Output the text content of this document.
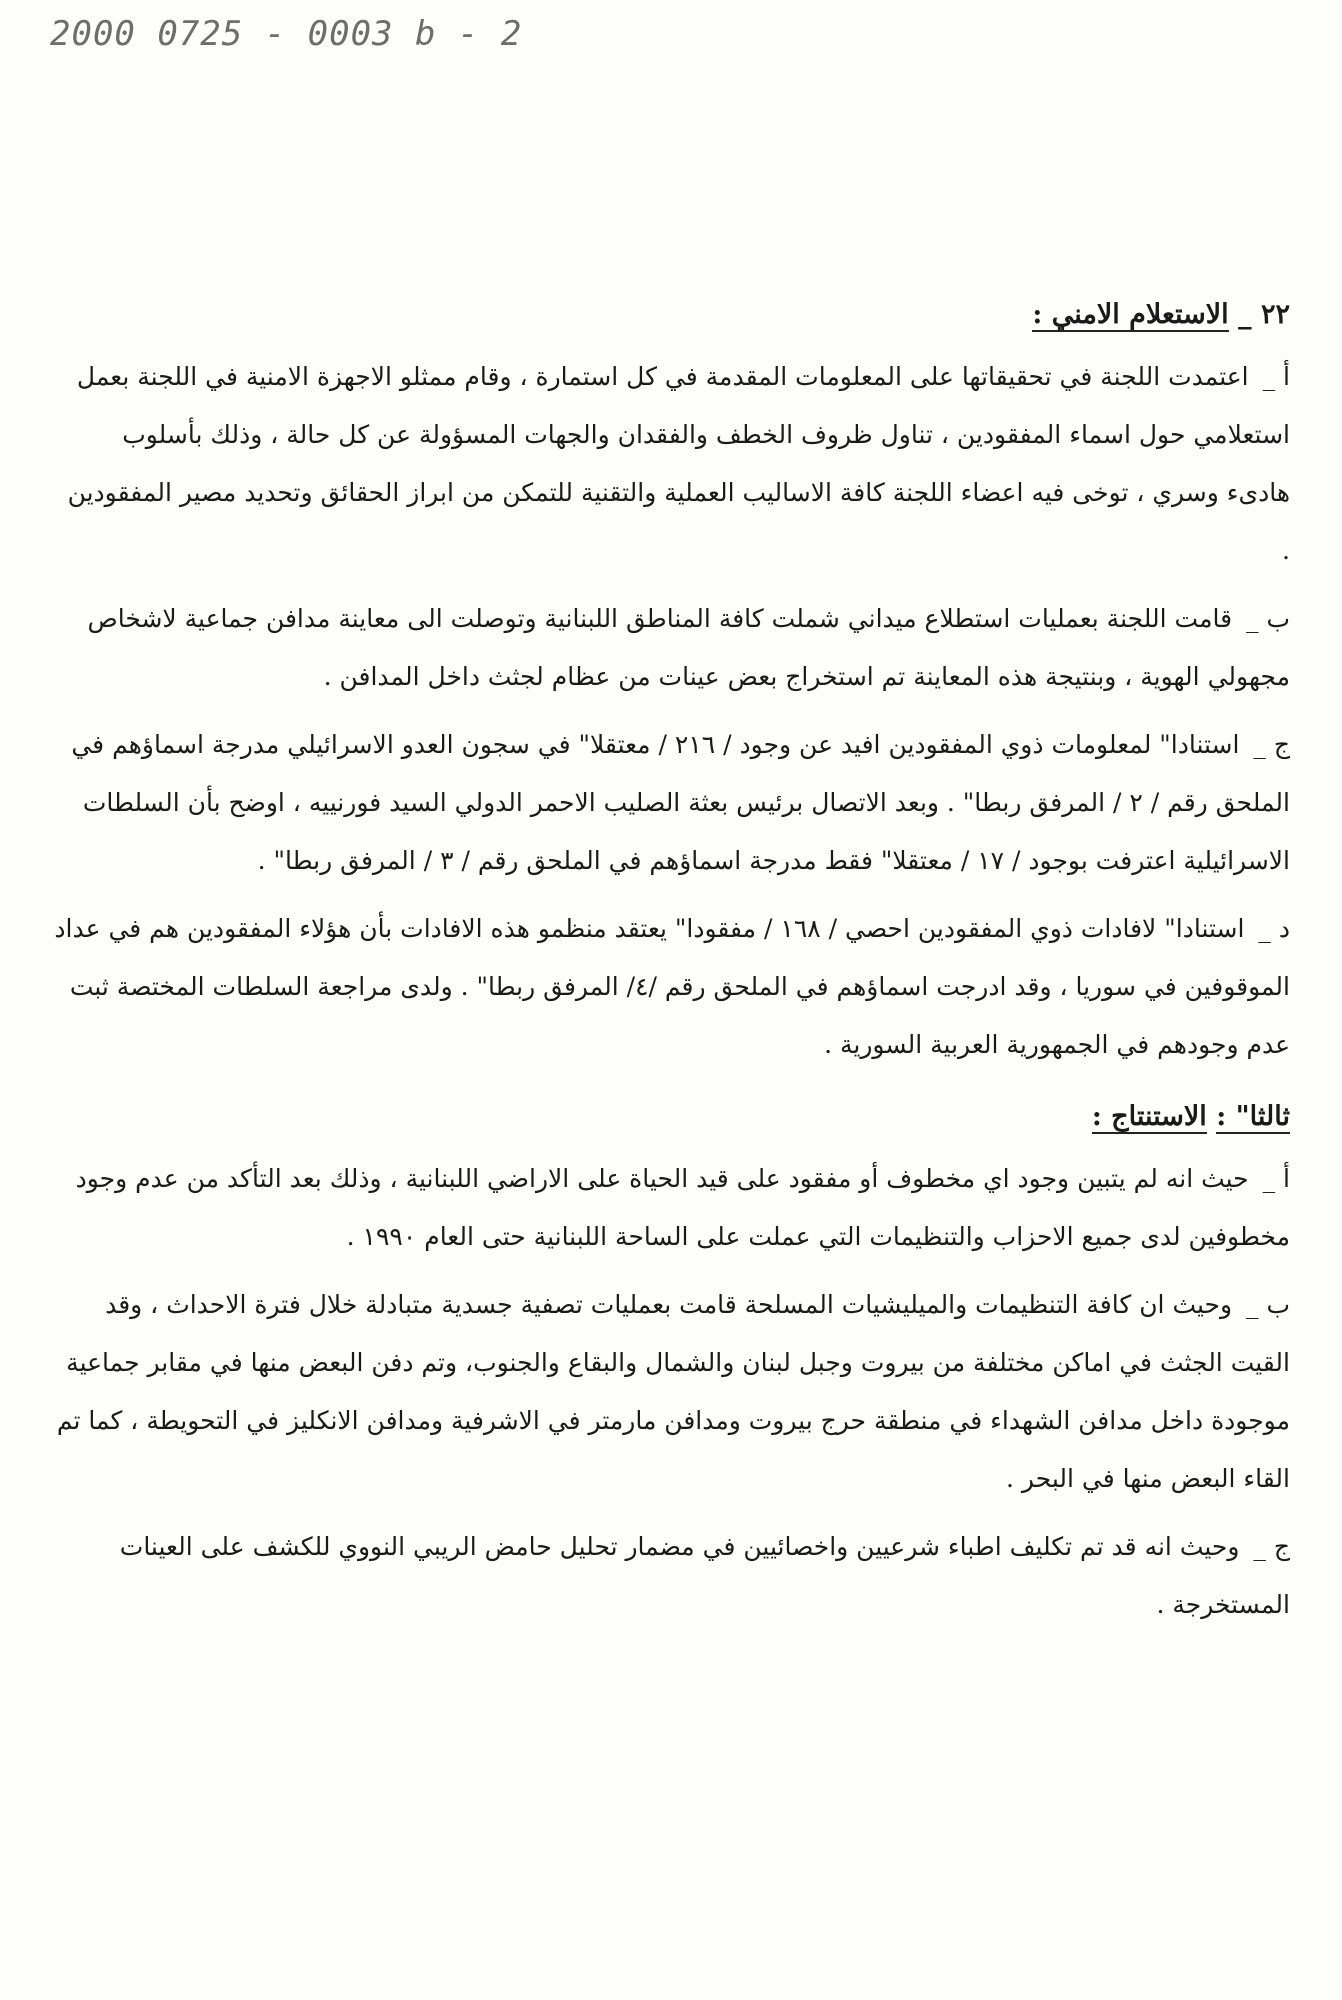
2000 0725 - 0003 b - 2
٢٢ _ الاستعلام الامني :

أ _ اعتمدت اللجنة في تحقيقاتها على المعلومات المقدمة في كل استمارة ، وقام ممثلو الاجهزة الامنية في اللجنة بعمل استعلامي حول اسماء المفقودين ، تناول ظروف الخطف والفقدان والجهات المسؤولة عن كل حالة ، وذلك بأسلوب هادىء وسري ، توخى فيه اعضاء اللجنة كافة الاساليب العملية والتقنية للتمكن من ابراز الحقائق وتحديد مصير المفقودين .

ب _ قامت اللجنة بعمليات استطلاع ميداني شملت كافة المناطق اللبنانية وتوصلت الى معاينة مدافن جماعية لاشخاص مجهولي الهوية ، وبنتيجة هذه المعاينة تم استخراج بعض عينات من عظام لجثث داخل المدافن .

ج _ استنادا" لمعلومات ذوي المفقودين افيد عن وجود / ٢١٦ / معتقلا" في سجون العدو الاسرائيلي مدرجة اسماؤهم في الملحق رقم / ٢ / المرفق ربطا" . وبعد الاتصال برئيس بعثة الصليب الاحمر الدولي السيد فورنييه ، اوضح بأن السلطات الاسرائيلية اعترفت بوجود / ١٧ / معتقلا" فقط مدرجة اسماؤهم في الملحق رقم / ٣ / المرفق ربطا" .

د _ استنادا" لافادات ذوي المفقودين احصي / ١٦٨ / مفقودا" يعتقد منظمو هذه الافادات بأن هؤلاء المفقودين هم في عداد الموقوفين في سوريا ، وقد ادرجت اسماؤهم في الملحق رقم /٤/ المرفق ربطا" . ولدى مراجعة السلطات المختصة ثبت عدم وجودهم في الجمهورية العربية السورية .

ثالثا" : الاستنتاج :

أ _ حيث انه لم يتبين وجود اي مخطوف أو مفقود على قيد الحياة على الاراضي اللبنانية ، وذلك بعد التأكد من عدم وجود مخطوفين لدى جميع الاحزاب والتنظيمات التي عملت على الساحة اللبنانية حتى العام ١٩٩٠ .

ب _ وحيث ان كافة التنظيمات والميليشيات المسلحة قامت بعمليات تصفية جسدية متبادلة خلال فترة الاحداث ، وقد القيت الجثث في اماكن مختلفة من بيروت وجبل لبنان والشمال والبقاع والجنوب، وتم دفن البعض منها في مقابر جماعية موجودة داخل مدافن الشهداء في منطقة حرج بيروت ومدافن مارمتر في الاشرفية ومدافن الانكليز في التحويطة ، كما تم القاء البعض منها في البحر .

ج _ وحيث انه قد تم تكليف اطباء شرعيين واخصائيين في مضمار تحليل حامض الريبي النووي للكشف على العينات المستخرجة .
